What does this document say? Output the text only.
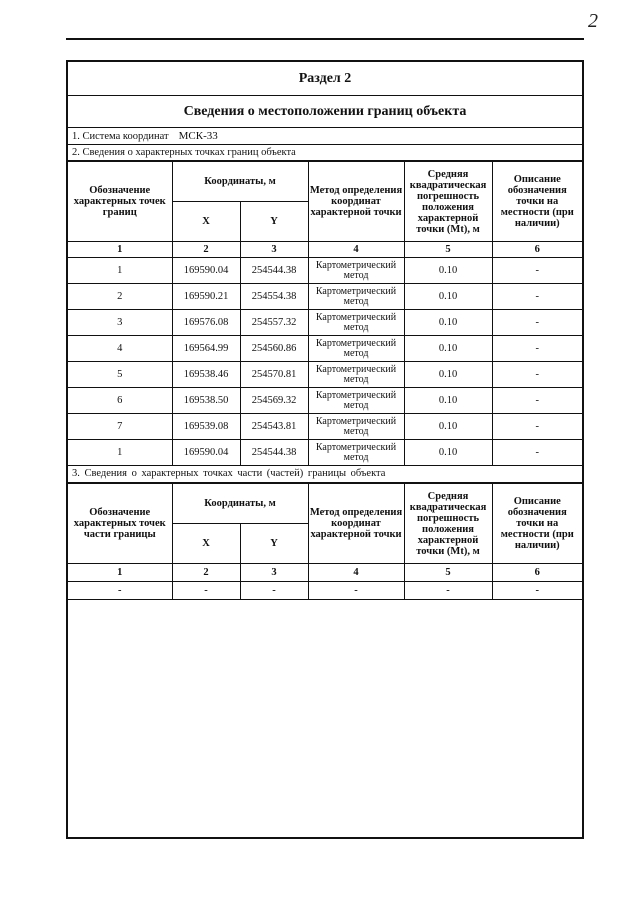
2
Раздел 2
Сведения о местоположении границ объекта
1. Система координат МСК-33
2. Сведения о характерных точках границ объекта
Обозначение характерных точек границ	Координаты, м		Метод определения координат характерной точки	Средняя квадратическая погрешность положения характерной точки (Mt), м	Описание обозначения точки на местности (при наличии)
	X	Y			
1	2	3	4	5	6
1	169590.04	254544.38	Картометрический метод	0.10	-
2	169590.21	254554.38	Картометрический метод	0.10	-
3	169576.08	254557.32	Картометрический метод	0.10	-
4	169564.99	254560.86	Картометрический метод	0.10	-
5	169538.46	254570.81	Картометрический метод	0.10	-
6	169538.50	254569.32	Картометрический метод	0.10	-
7	169539.08	254543.81	Картометрический метод	0.10	-
1	169590.04	254544.38	Картометрический метод	0.10	-
3. Сведения о характерных точках части (частей) границы объекта
Обозначение характерных точек части границы	Координаты, м		Метод определения координат характерной точки	Средняя квадратическая погрешность положения характерной точки (Mt), м	Описание обозначения точки на местности (при наличии)
	X	Y			
1	2	3	4	5	6
-	-	-	-	-	-
